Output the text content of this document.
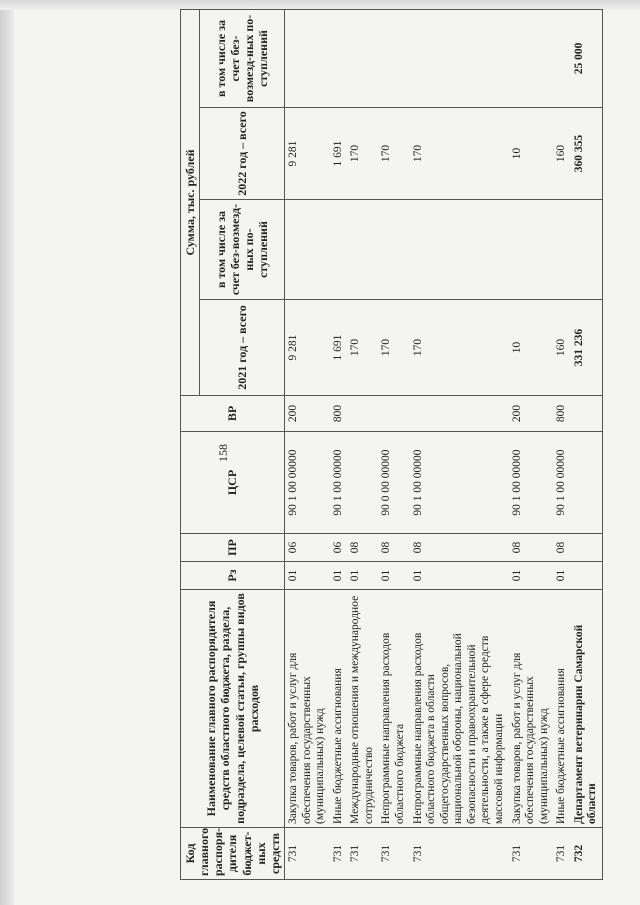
158
Код главного распоря-дителя бюджет-ных средств	Наименование главного распорядителя средств областного бюджета, раздела, подраздела, целевой статьи, группы видов расходов	Рз	ПР	ЦСР	ВР	Сумма, тыс. рублей			
						2021 год – всего	в том числе за счет без-возмезд-ных по-ступлений	2022 год – всего	в том числе за счет без-возмезд-ных по-ступлений

731	Закупка товаров, работ и услуг для обеспечения государственных (муниципальных) нужд	01	06	90 1 00 00000	200	9 281		9 281	
731	Иные бюджетные ассигнования	01	06	90 1 00 00000	800	1 691		1 691	
731	Международные отношения и международное сотрудничество	01	08			170		170	
731	Непрограммные направления расходов областного бюджета	01	08	90 0 00 00000		170		170	
731	Непрограммные направления расходов областного бюджета в области общегосударственных вопросов, национальной обороны, национальной безопасности и правоохранительной деятельности, а также в сфере средств массовой информации	01	08	90 1 00 00000		170		170	
731	Закупка товаров, работ и услуг для обеспечения государственных (муниципальных) нужд	01	08	90 1 00 00000	200	10		10	
731	Иные бюджетные ассигнования	01	08	90 1 00 00000	800	160		160	
732	Департамент ветеринарии Самарской области					331 236		360 355	25 000
